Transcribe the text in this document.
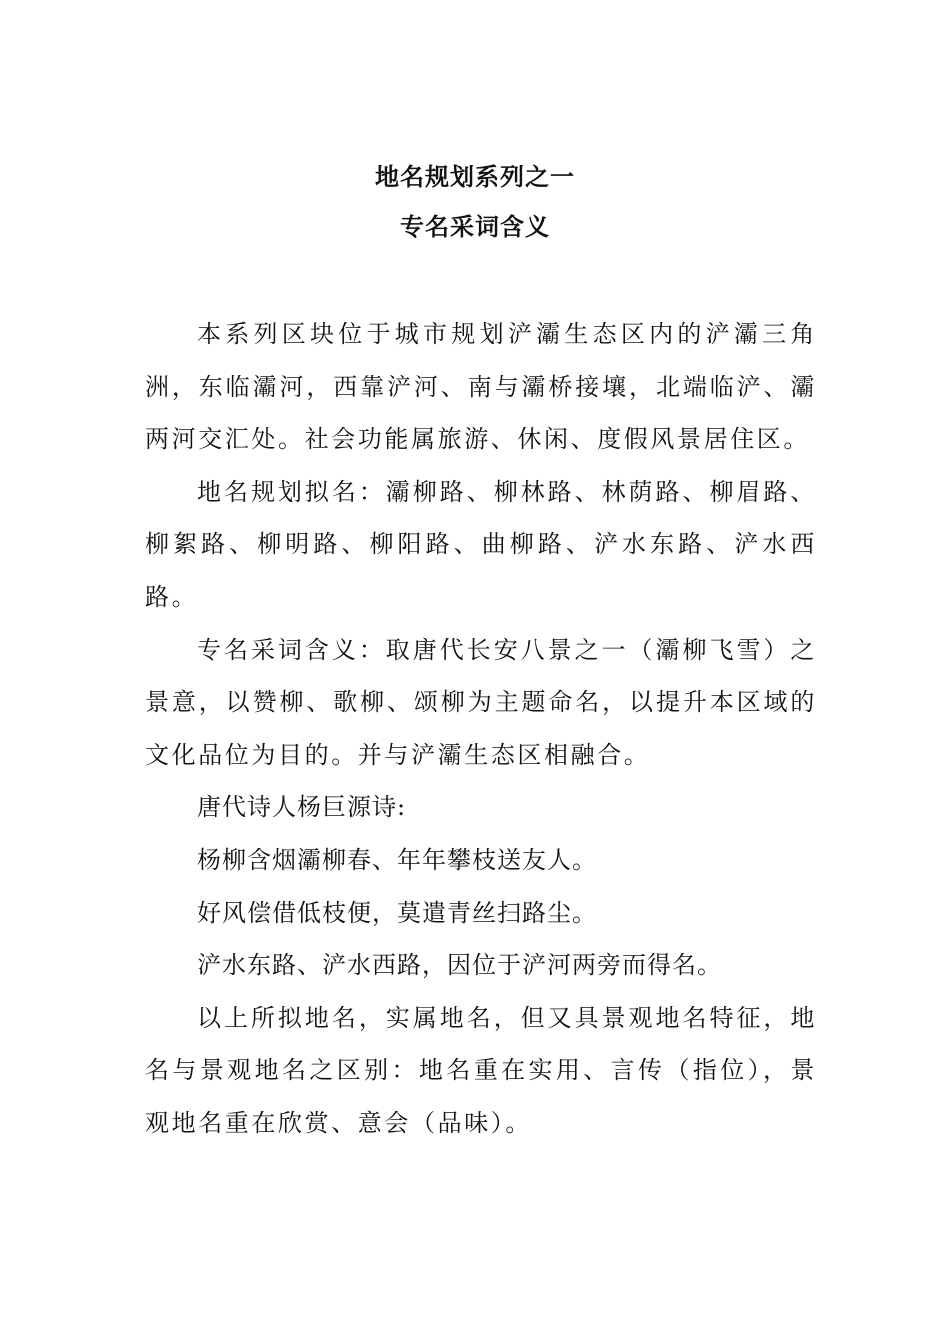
地名规划系列之一
专名采词含义

本系列区块位于城市规划浐灞生态区内的浐灞三角洲，东临灞河，西靠浐河、南与灞桥接壤，北端临浐、灞两河交汇处。社会功能属旅游、休闲、度假风景居住区。

地名规划拟名：灞柳路、柳林路、林荫路、柳眉路、柳絮路、柳明路、柳阳路、曲柳路、浐水东路、浐水西路。

专名采词含义：取唐代长安八景之一（灞柳飞雪）之景意，以赞柳、歌柳、颂柳为主题命名，以提升本区域的文化品位为目的。并与浐灞生态区相融合。

唐代诗人杨巨源诗:

杨柳含烟灞柳春、年年攀枝送友人。

好风偿借低枝便，莫遣青丝扫路尘。

浐水东路、浐水西路，因位于浐河两旁而得名。

以上所拟地名，实属地名，但又具景观地名特征，地名与景观地名之区别：地名重在实用、言传（指位），景观地名重在欣赏、意会（品味）。
